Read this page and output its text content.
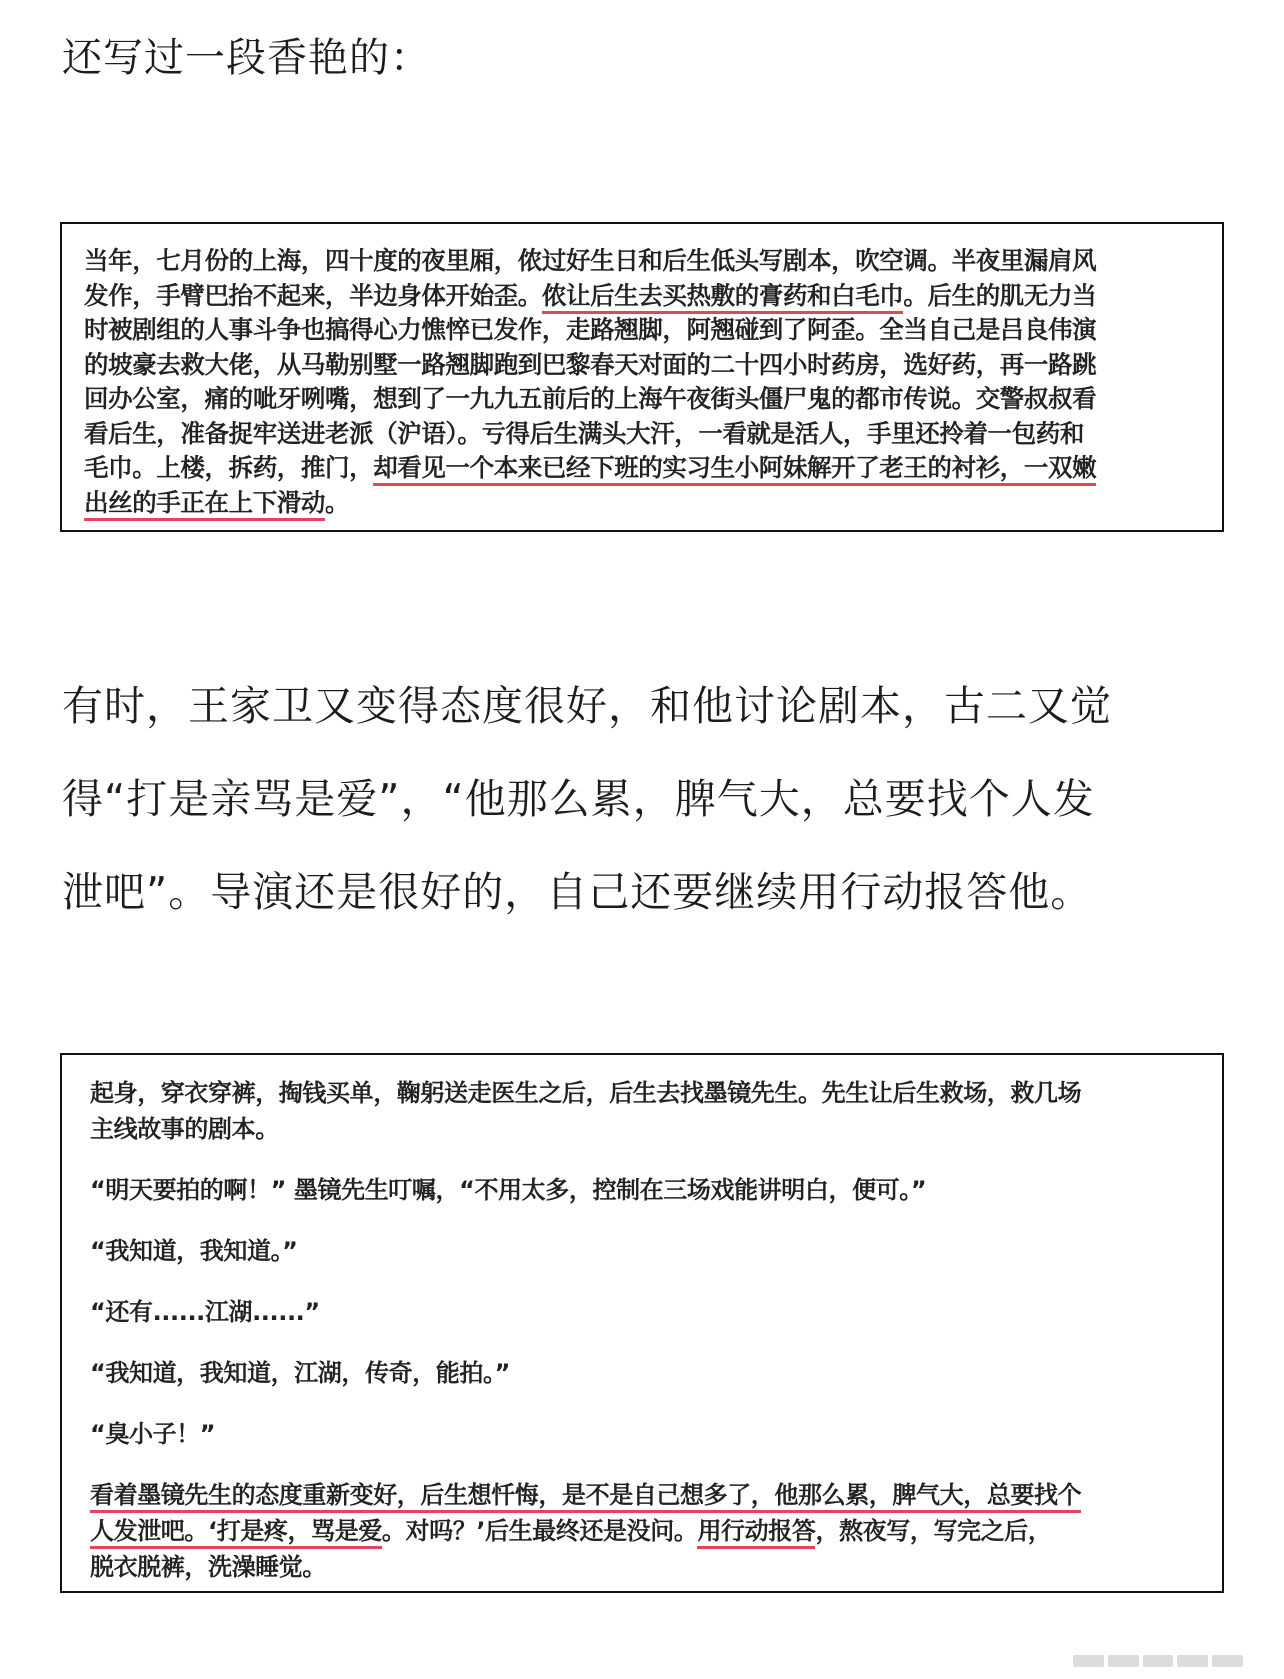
还写过一段香艳的：
当年，七月份的上海，四十度的夜里厢，侬过好生日和后生低头写剧本，吹空调。半夜里漏肩风
发作，手臂巴抬不起来，半边身体开始歪。侬让后生去买热敷的膏药和白毛巾。后生的肌无力当
时被剧组的人事斗争也搞得心力憔悴已发作，走路翘脚，阿翘碰到了阿歪。全当自己是吕良伟演
的坡豪去救大佬，从马勒别墅一路翘脚跑到巴黎春天对面的二十四小时药房，选好药，再一路跳
回办公室，痛的呲牙咧嘴，想到了一九九五前后的上海午夜街头僵尸鬼的都市传说。交警叔叔看
看后生，准备捉牢送进老派（沪语）。亏得后生满头大汗，一看就是活人，手里还拎着一包药和
毛巾。上楼，拆药，推门，却看见一个本来已经下班的实习生小阿妹解开了老王的衬衫，一双嫩
出丝的手正在上下滑动。

有时，王家卫又变得态度很好，和他讨论剧本，古二又觉
得“打是亲骂是爱”，“他那么累，脾气大，总要找个人发
泄吧”。导演还是很好的，自己还要继续用行动报答他。

起身，穿衣穿裤，掏钱买单，鞠躬送走医生之后，后生去找墨镜先生。先生让后生救场，救几场
主线故事的剧本。
“明天要拍的啊！” 墨镜先生叮嘱，“不用太多，控制在三场戏能讲明白，便可。”
“我知道，我知道。”
“还有......江湖......”
“我知道，我知道，江湖，传奇，能拍。”
“臭小子！”
看着墨镜先生的态度重新变好，后生想忏悔，是不是自己想多了，他那么累，脾气大，总要找个
人发泄吧。‘打是疼，骂是爱。对吗？’后生最终还是没问。用行动报答，熬夜写，写完之后，
脱衣脱裤，洗澡睡觉。
